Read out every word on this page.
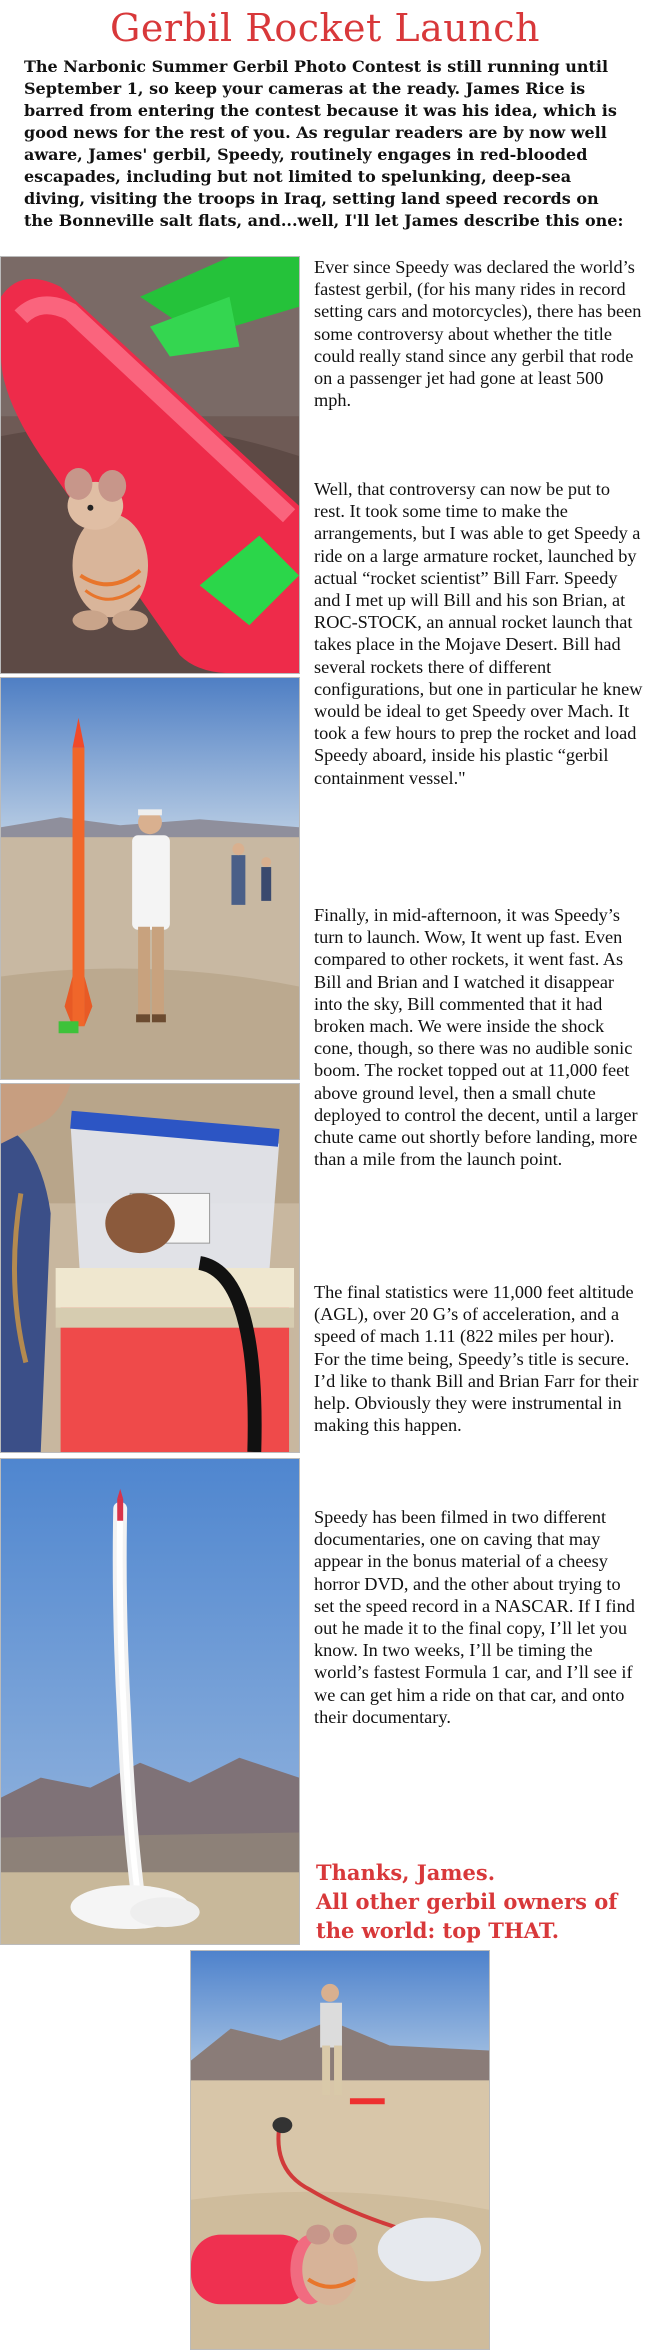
Gerbil Rocket Launch
The Narbonic Summer Gerbil Photo Contest is still running until September 1, so keep your cameras at the ready. James Rice is barred from entering the contest because it was his idea, which is good news for the rest of you. As regular readers are by now well aware, James' gerbil, Speedy, routinely engages in red-blooded escapades, including but not limited to spelunking, deep-sea diving, visiting the troops in Iraq, setting land speed records on the Bonneville salt flats, and...well, I'll let James describe this one:

Ever since Speedy was declared the world’s fastest gerbil, (for his many rides in record setting cars and motorcycles), there has been some controversy about whether the title could really stand since any gerbil that rode on a passenger jet had gone at least 500 mph.

Well, that controversy can now be put to rest. It took some time to make the arrangements, but I was able to get Speedy a ride on a large armature rocket, launched by actual “rocket scientist” Bill Farr. Speedy and I met up will Bill and his son Brian, at ROC-STOCK, an annual rocket launch that takes place in the Mojave Desert. Bill had several rockets there of different configurations, but one in particular he knew would be ideal to get Speedy over Mach. It took a few hours to prep the rocket and load Speedy aboard, inside his plastic “gerbil containment vessel."

Finally, in mid-afternoon, it was Speedy’s turn to launch. Wow, It went up fast. Even compared to other rockets, it went fast. As Bill and Brian and I watched it disappear into the sky, Bill commented that it had broken mach. We were inside the shock cone, though, so there was no audible sonic boom. The rocket topped out at 11,000 feet above ground level, then a small chute deployed to control the decent, until a larger chute came out shortly before landing, more than a mile from the launch point.

The final statistics were 11,000 feet altitude (AGL), over 20 G’s of acceleration, and a speed of mach 1.11 (822 miles per hour). For the time being, Speedy’s title is secure. I’d like to thank Bill and Brian Farr for their help. Obviously they were instrumental in making this happen.

Speedy has been filmed in two different documentaries, one on caving that may appear in the bonus material of a cheesy horror DVD, and the other about trying to set the speed record in a NASCAR. If I find out he made it to the final copy, I’ll let you know. In two weeks, I’ll be timing the world’s fastest Formula 1 car, and I’ll see if we can get him a ride on that car, and onto their documentary.

Thanks, James.
All other gerbil owners of the world: top THAT.
